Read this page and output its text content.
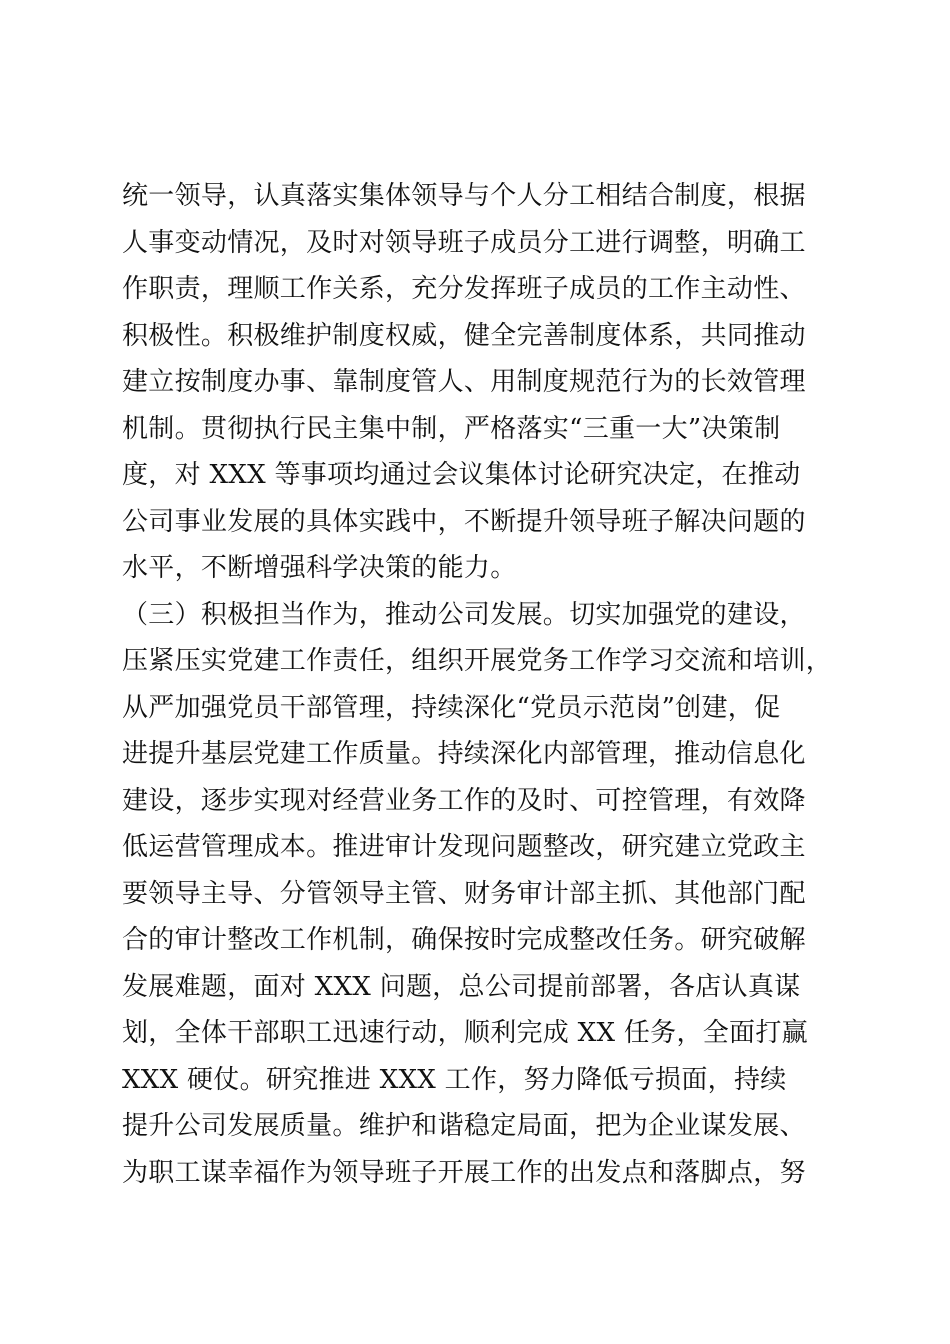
统一领导，认真落实集体领导与个人分工相结合制度，根据
人事变动情况，及时对领导班子成员分工进行调整，明确工
作职责，理顺工作关系，充分发挥班子成员的工作主动性、
积极性。积极维护制度权威，健全完善制度体系，共同推动
建立按制度办事、靠制度管人、用制度规范行为的长效管理
机制。贯彻执行民主集中制，严格落实“三重一大”决策制
度，对 XXX 等事项均通过会议集体讨论研究决定，在推动
公司事业发展的具体实践中，不断提升领导班子解决问题的
水平，不断增强科学决策的能力。
（三）积极担当作为，推动公司发展。切实加强党的建设，
压紧压实党建工作责任，组织开展党务工作学习交流和培训，
从严加强党员干部管理，持续深化“党员示范岗”创建，促
进提升基层党建工作质量。持续深化内部管理，推动信息化
建设，逐步实现对经营业务工作的及时、可控管理，有效降
低运营管理成本。推进审计发现问题整改，研究建立党政主
要领导主导、分管领导主管、财务审计部主抓、其他部门配
合的审计整改工作机制，确保按时完成整改任务。研究破解
发展难题，面对 XXX 问题，总公司提前部署，各店认真谋
划，全体干部职工迅速行动，顺利完成 XX 任务，全面打赢
XXX 硬仗。研究推进 XXX 工作，努力降低亏损面，持续
提升公司发展质量。维护和谐稳定局面，把为企业谋发展、
为职工谋幸福作为领导班子开展工作的出发点和落脚点，努
